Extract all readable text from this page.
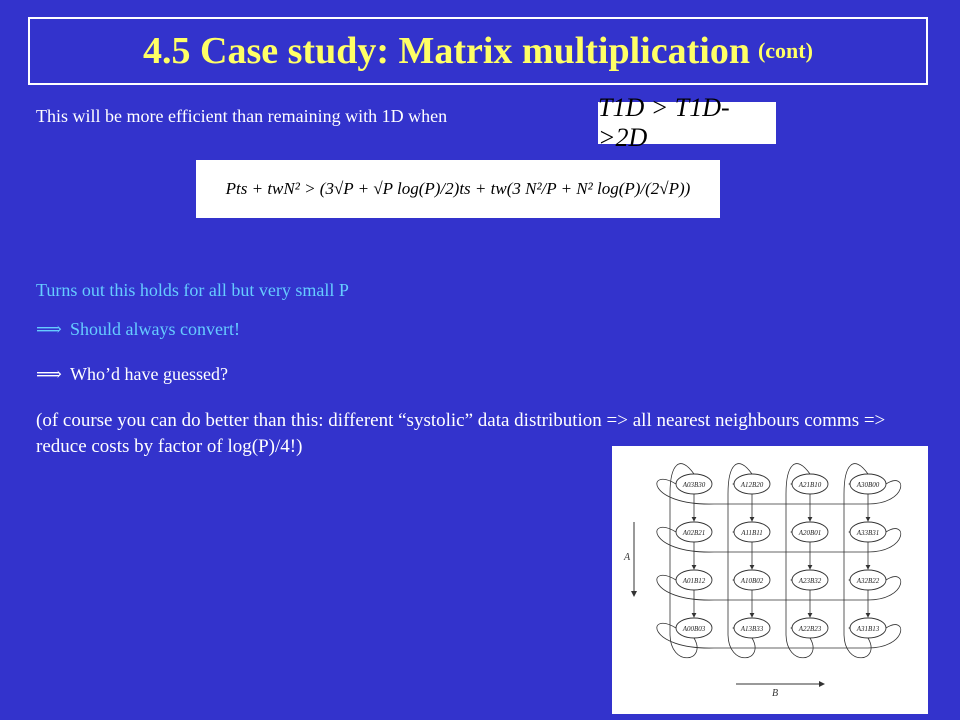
4.5 Case study: Matrix multiplication (cont)
This will be more efficient than remaining with 1D when	T1D > T1D->2D
Pts + twN² > (3√P + √P log(P)/2)ts + tw(3 N²/P + N² log(P)/(2√P))
Turns out this holds for all but very small P
⟹ Should always convert!
⟹ Who’d have guessed?
(of course you can do better than this: different “systolic” data distribution => all nearest neighbours comms => reduce costs by factor of log(P)/4!)
A03B30	A12B20	A21B10	A30B00
A02B21	A11B11	A20B01	A33B31
A01B12	A10B02	A23B32	A32B22
A00B03	A13B33	A22B23	A31B13
A
B
